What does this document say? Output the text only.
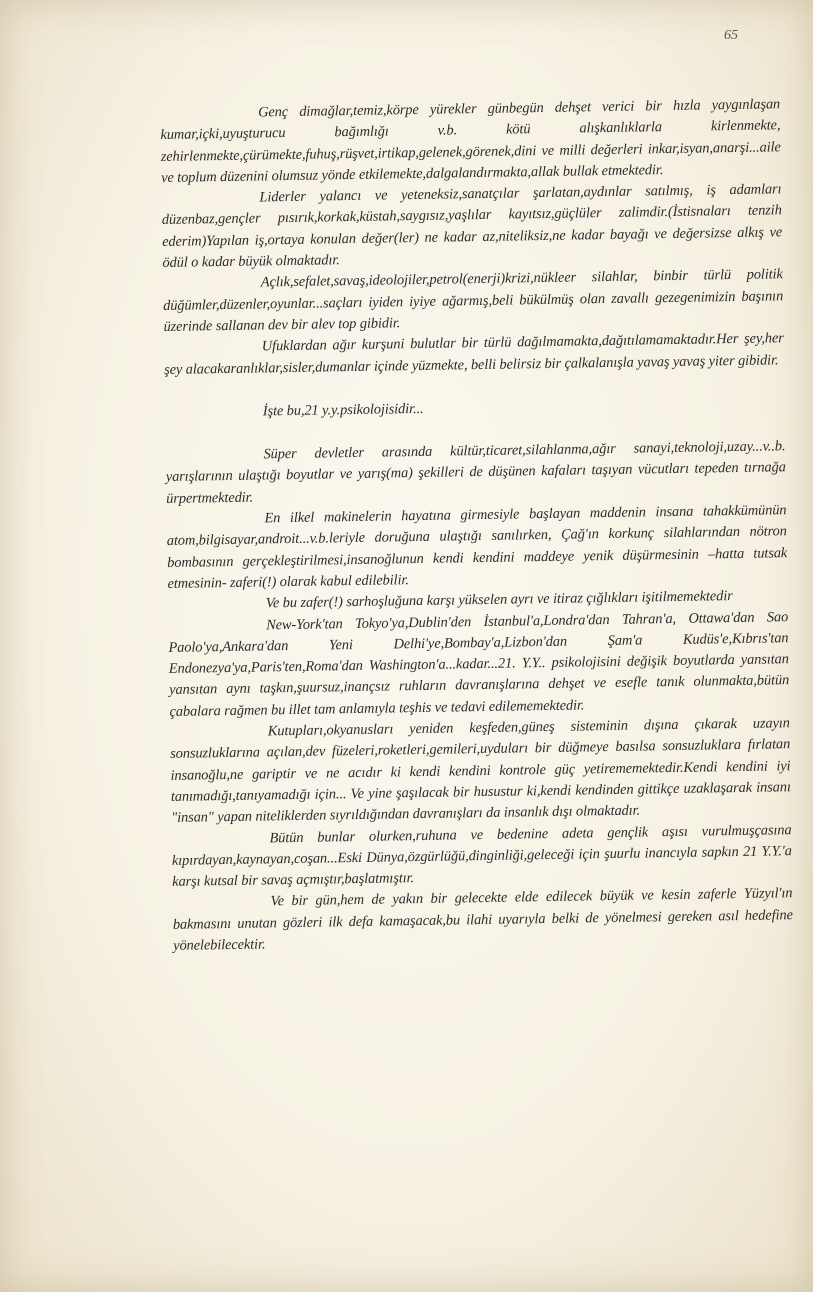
65

Genç dimağlar,temiz,körpe yürekler günbegün dehşet verici bir hızla yaygınlaşan kumar,içki,uyuşturucu bağımlığı v.b. kötü alışkanlıklarla kirlenmekte, zehirlenmekte,çürümekte,fuhuş,rüşvet,irtikap,gelenek,görenek,dini ve milli değerleri inkar,isyan,anarşi...aile ve toplum düzenini olumsuz yönde etkilemekte,dalgalandırmakta,allak bullak etmektedir.

Liderler yalancı ve yeteneksiz,sanatçılar şarlatan,aydınlar satılmış, iş adamları düzenbaz,gençler pısırık,korkak,küstah,saygısız,yaşlılar kayıtsız,güçlüler zalimdir.(İstisnaları tenzih ederim)Yapılan iş,ortaya konulan değer(ler) ne kadar az,niteliksiz,ne kadar bayağı ve değersizse alkış ve ödül o kadar büyük olmaktadır.

Açlık,sefalet,savaş,ideolojiler,petrol(enerji)krizi,nükleer silahlar, binbir türlü politik düğümler,düzenler,oyunlar...saçları iyiden iyiye ağarmış,beli bükülmüş olan zavallı gezegenimizin başının üzerinde sallanan dev bir alev top gibidir.

Ufuklardan ağır kurşuni bulutlar bir türlü dağılmamakta,dağıtılamamaktadır.Her şey,her şey alacakaranlıklar,sisler,dumanlar içinde yüzmekte, belli belirsiz bir çalkalanışla yavaş yavaş yiter gibidir.

İşte bu,21 y.y.psikolojisidir...

Süper devletler arasında kültür,ticaret,silahlanma,ağır sanayi,teknoloji,uzay...v..b. yarışlarının ulaştığı boyutlar ve yarış(ma) şekilleri de düşünen kafaları taşıyan vücutları tepeden tırnağa ürpertmektedir.

En ilkel makinelerin hayatına girmesiyle başlayan maddenin insana tahakkümünün atom,bilgisayar,androit...v.b.leriyle doruğuna ulaştığı sanılırken, Çağ'ın korkunç silahlarından nötron bombasının gerçekleştirilmesi,insanoğlunun kendi kendini maddeye yenik düşürmesinin –hatta tutsak etmesinin- zaferi(!) olarak kabul edilebilir.

Ve bu zafer(!) sarhoşluğuna karşı yükselen ayrı ve itiraz çığlıkları işitilmemektedir

New-York'tan Tokyo'ya,Dublin'den İstanbul'a,Londra'dan Tahran'a, Ottawa'dan Sao Paolo'ya,Ankara'dan Yeni Delhi'ye,Bombay'a,Lizbon'dan Şam'a Kudüs'e,Kıbrıs'tan Endonezya'ya,Paris'ten,Roma'dan Washington'a...kadar...21. Y.Y.. psikolojisini değişik boyutlarda yansıtan yansıtan aynı taşkın,şuursuz,inançsız ruhların davranışlarına dehşet ve esefle tanık olunmakta,bütün çabalara rağmen bu illet tam anlamıyla teşhis ve tedavi edilememektedir.

Kutupları,okyanusları yeniden keşfeden,güneş sisteminin dışına çıkarak uzayın sonsuzluklarına açılan,dev füzeleri,roketleri,gemileri,uyduları bir düğmeye basılsa sonsuzluklara fırlatan insanoğlu,ne gariptir ve ne acıdır ki kendi kendini kontrole güç yetirememektedir.Kendi kendini iyi tanımadığı,tanıyamadığı için... Ve yine şaşılacak bir husustur ki,kendi kendinden gittikçe uzaklaşarak insanı "insan" yapan niteliklerden sıyrıldığından davranışları da insanlık dışı olmaktadır.

Bütün bunlar olurken,ruhuna ve bedenine adeta gençlik aşısı vurulmuşçasına kıpırdayan,kaynayan,coşan...Eski Dünya,özgürlüğü,dinginliği,geleceği için şuurlu inancıyla sapkın 21 Y.Y.'a karşı kutsal bir savaş açmıştır,başlatmıştır.

Ve bir gün,hem de yakın bir gelecekte elde edilecek büyük ve kesin zaferle Yüzyıl'ın bakmasını unutan gözleri ilk defa kamaşacak,bu ilahi uyarıyla belki de yönelmesi gereken asıl hedefine yönelebilecektir.
